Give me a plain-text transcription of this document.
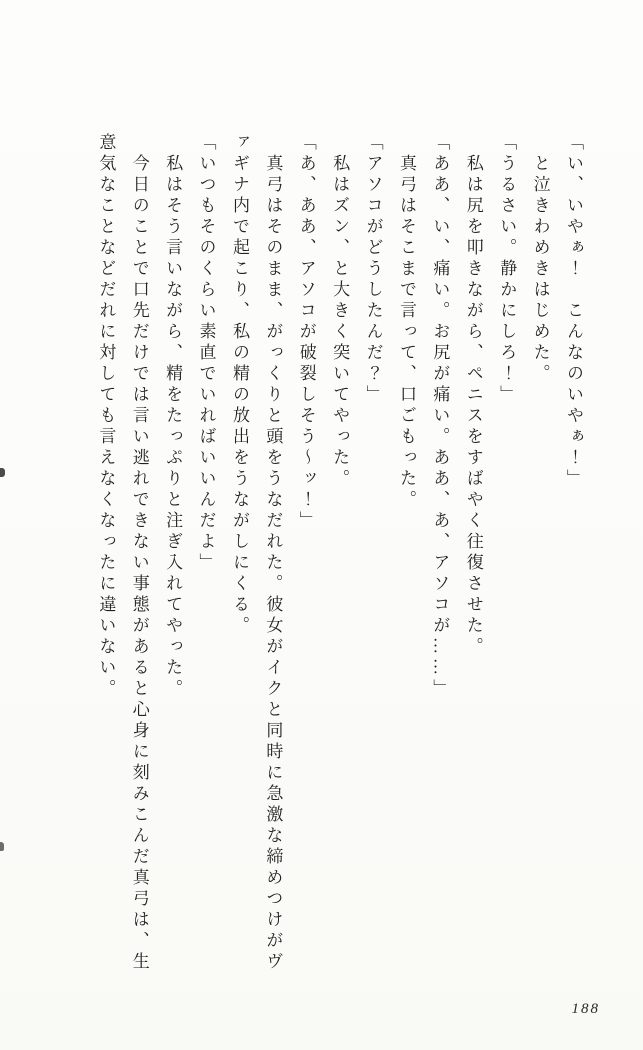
「い、いやぁ！　こんなのいやぁ！」

と泣きわめきはじめた。

「うるさい。静かにしろ！」

私は尻を叩きながら、ペニスをすばやく往復させた。

「ああ、い、痛い。お尻が痛い。ああ、あ、アソコが……」

真弓はそこまで言って、口ごもった。

「アソコがどうしたんだ？」

私はズン、と大きく突いてやった。

「あ、ああ、アソコが破裂しそう～ッ！」

真弓はそのまま、がっくりと頭をうなだれた。彼女がイクと同時に急激な締めつけがヴァギナ内で起こり、私の精の放出をうながしにくる。

「いつもそのくらい素直でいればいいんだよ」

私はそう言いながら、精をたっぷりと注ぎ入れてやった。

今日のことで口先だけでは言い逃れできない事態があると心身に刻みこんだ真弓は、生意気なことなどだれに対しても言えなくなったに違いない。

188
